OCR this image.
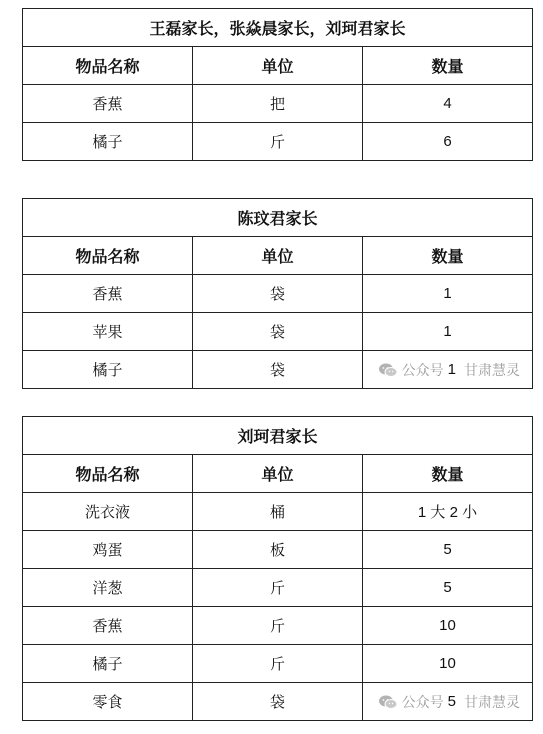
王磊家长，张焱晨家长，刘珂君家长		
物品名称	单位	数量
香蕉	把	4
橘子	斤	6
陈玟君家长		
物品名称	单位	数量
香蕉	袋	1
苹果	袋	1
橘子	袋	公众号 1 甘肃慧灵
刘珂君家长		
物品名称	单位	数量
洗衣液	桶	1 大 2 小
鸡蛋	板	5
洋葱	斤	5
香蕉	斤	10
橘子	斤	10
零食	袋	公众号 5 甘肃慧灵
